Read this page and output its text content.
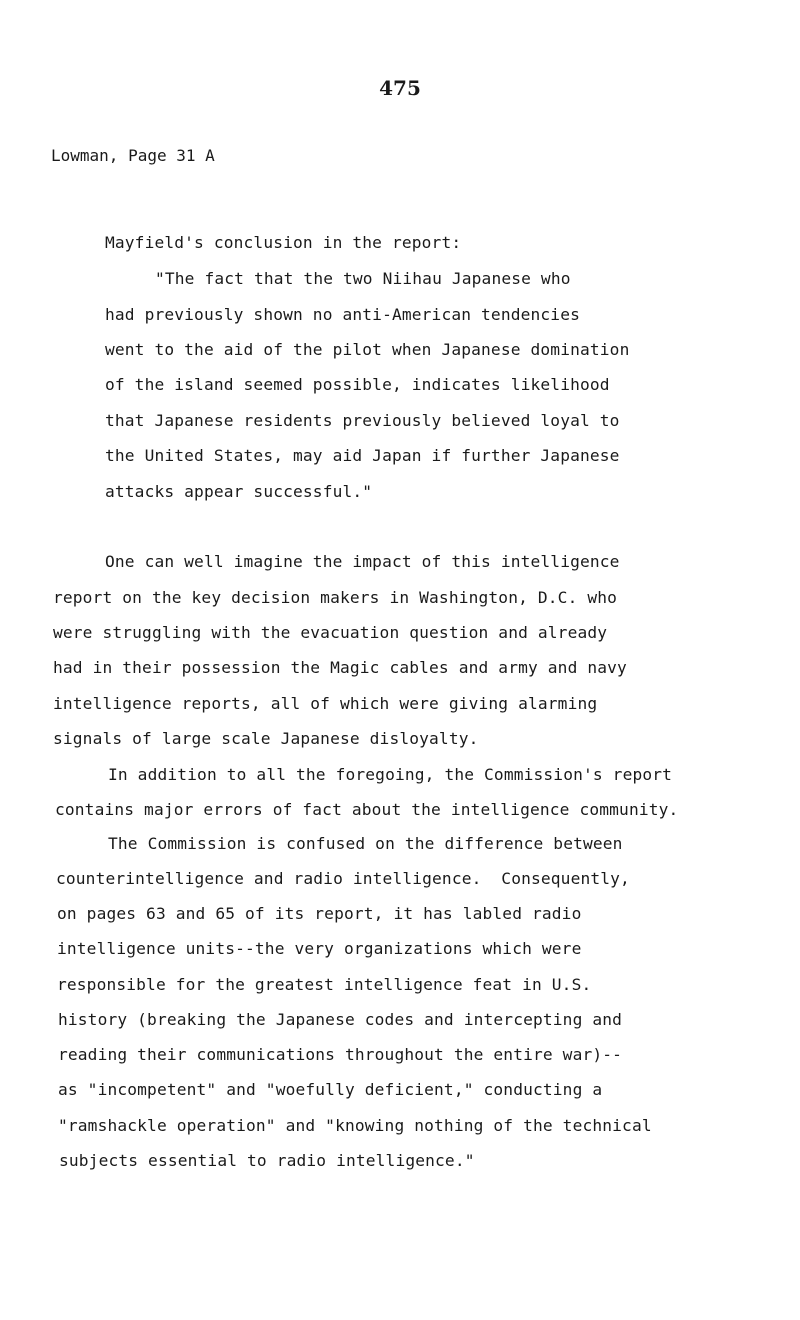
475
Lowman, Page 31 A
Mayfield's conclusion in the report:
"The fact that the two Niihau Japanese who
had previously shown no anti-American tendencies
went to the aid of the pilot when Japanese domination
of the island seemed possible, indicates likelihood
that Japanese residents previously believed loyal to
the United States, may aid Japan if further Japanese
attacks appear successful."
One can well imagine the impact of this intelligence
report on the key decision makers in Washington, D.C. who
were struggling with the evacuation question and already
had in their possession the Magic cables and army and navy
intelligence reports, all of which were giving alarming
signals of large scale Japanese disloyalty.
In addition to all the foregoing, the Commission's report
contains major errors of fact about the intelligence community.
The Commission is confused on the difference between
counterintelligence and radio intelligence.  Consequently,
on pages 63 and 65 of its report, it has labled radio
intelligence units--the very organizations which were
responsible for the greatest intelligence feat in U.S.
history (breaking the Japanese codes and intercepting and
reading their communications throughout the entire war)--
as "incompetent" and "woefully deficient," conducting a
"ramshackle operation" and "knowing nothing of the technical
subjects essential to radio intelligence."
